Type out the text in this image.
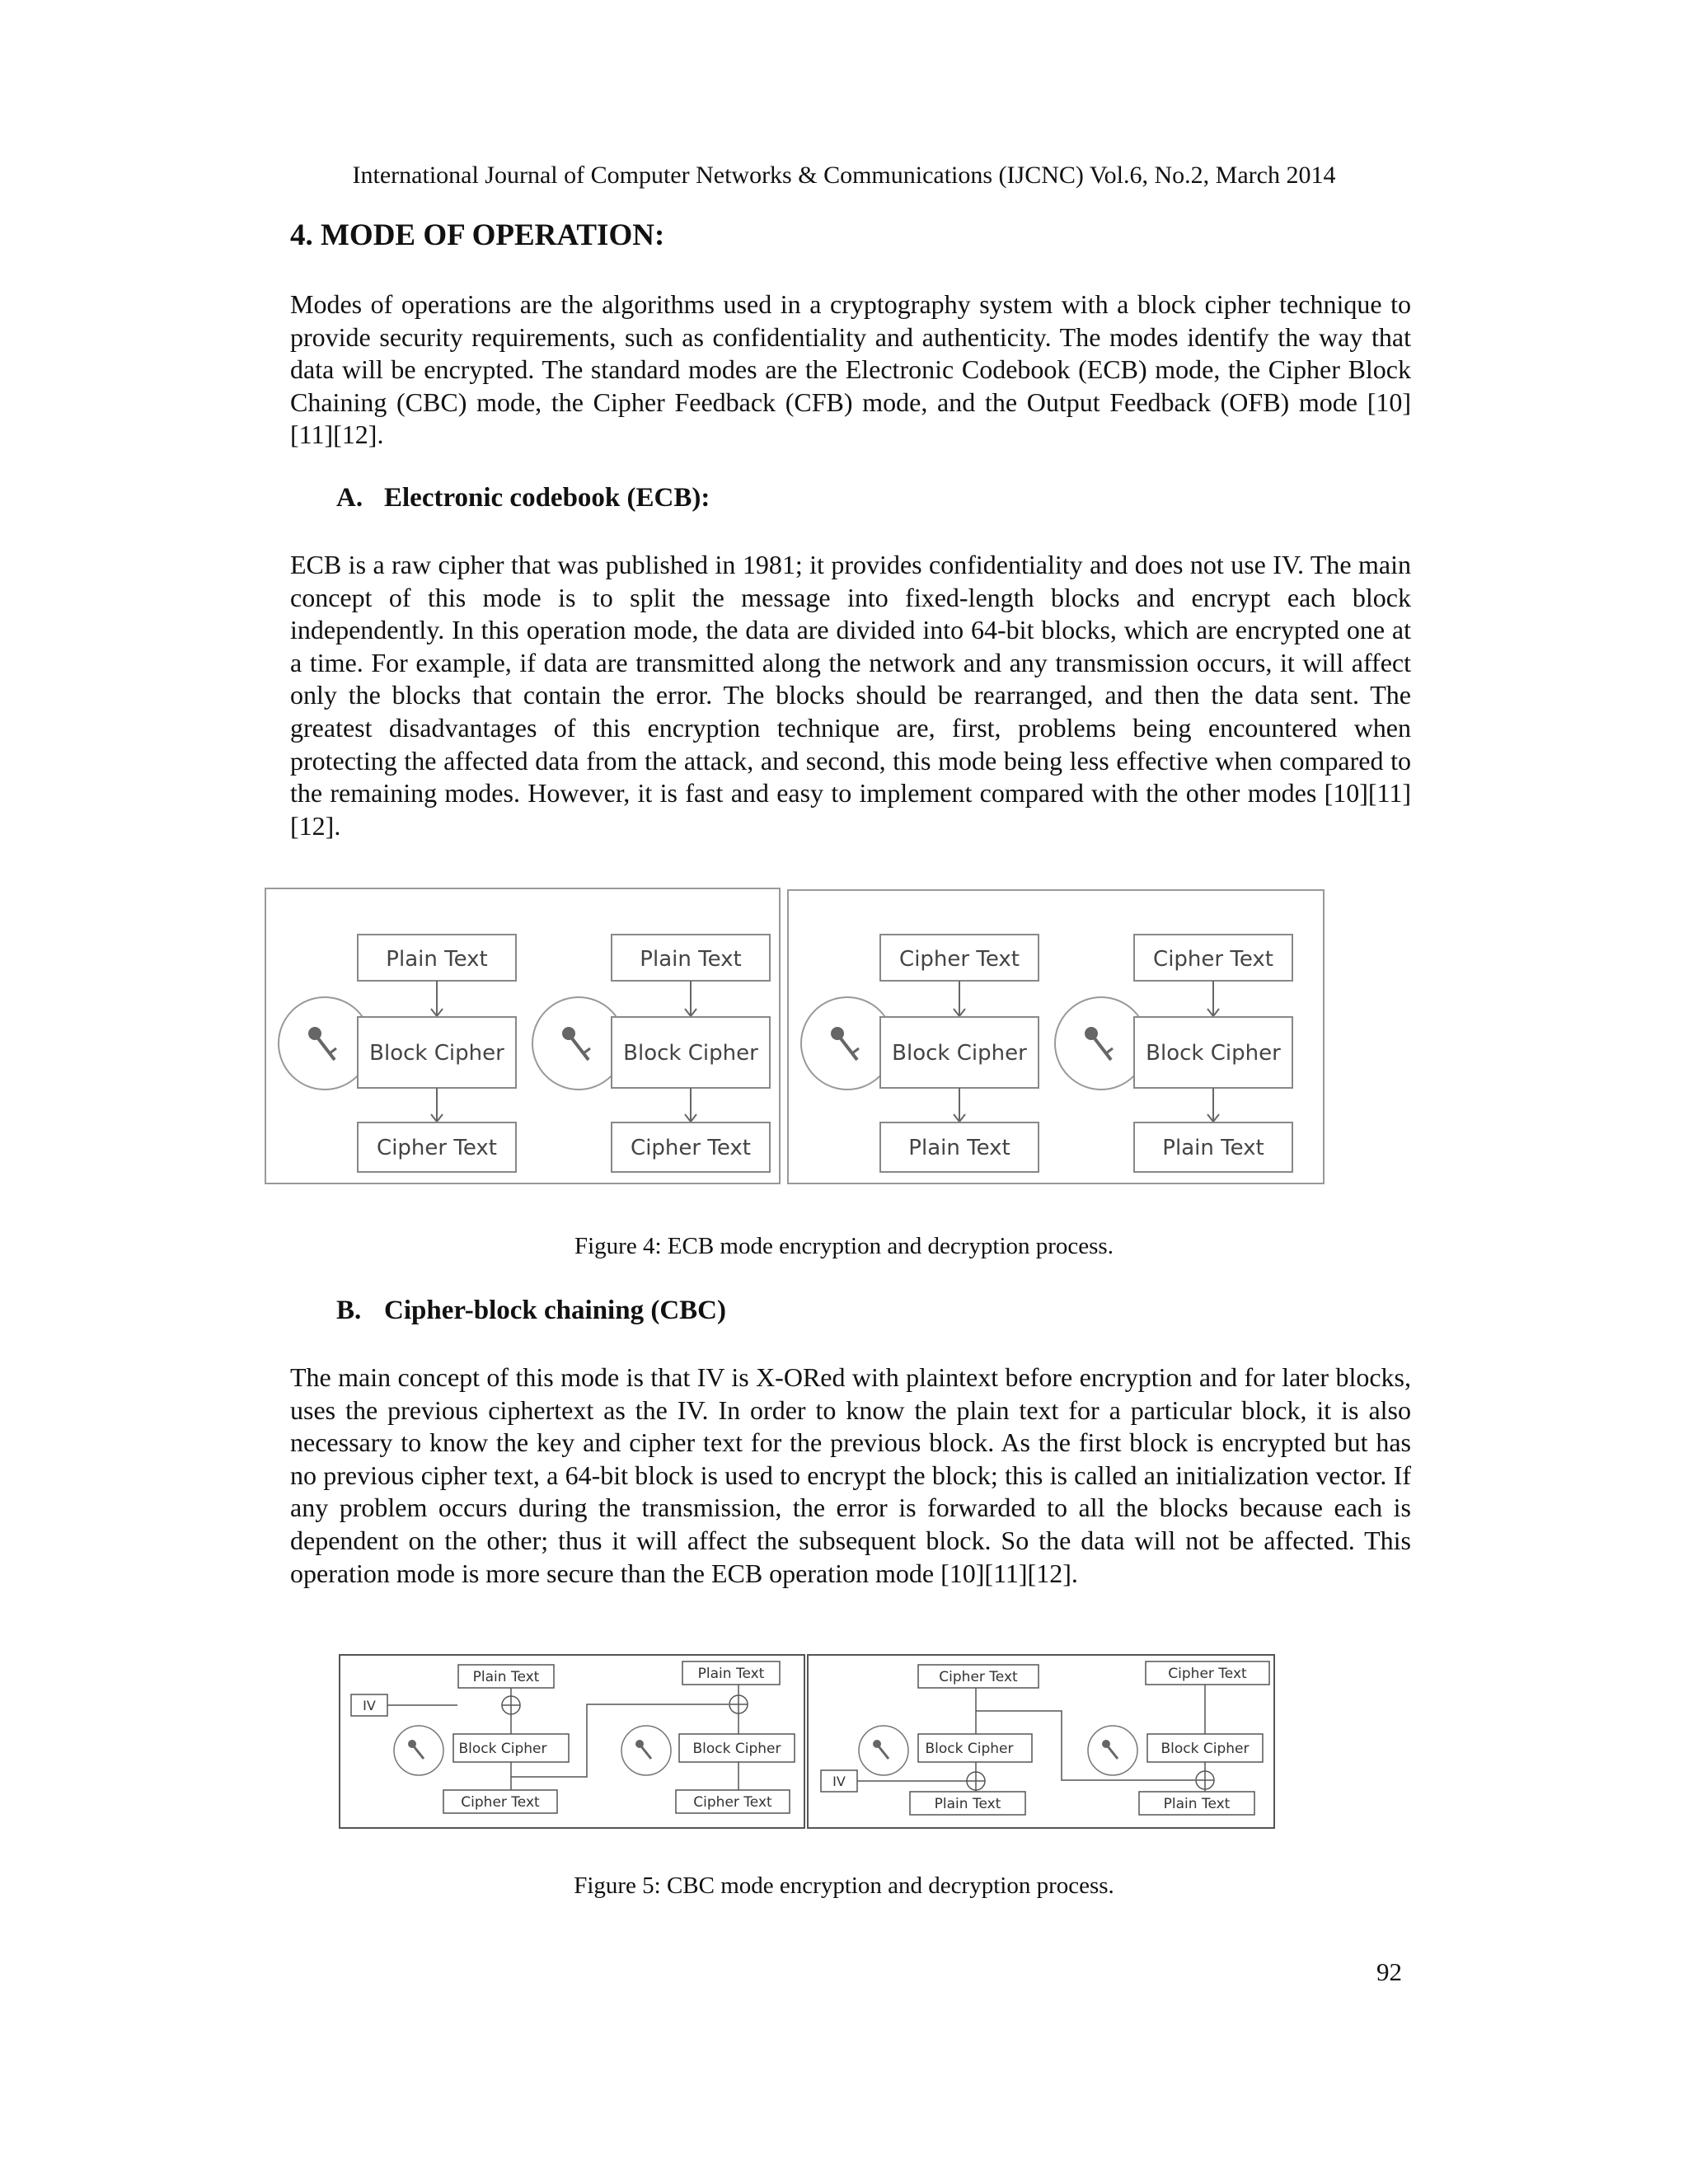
International Journal of Computer Networks & Communications (IJCNC) Vol.6, No.2, March 2014
4. MODE OF OPERATION:

Modes of operations are the algorithms used in a cryptography system with a block cipher technique to provide security requirements, such as confidentiality and authenticity. The modes identify the way that data will be encrypted. The standard modes are the Electronic Codebook (ECB) mode, the Cipher Block Chaining (CBC) mode, the Cipher Feedback (CFB) mode, and the Output Feedback (OFB) mode [10][11][12].

A. Electronic codebook (ECB):

ECB is a raw cipher that was published in 1981; it provides confidentiality and does not use IV. The main concept of this mode is to split the message into fixed-length blocks and encrypt each block independently. In this operation mode, the data are divided into 64-bit blocks, which are encrypted one at a time. For example, if data are transmitted along the network and any transmission occurs, it will affect only the blocks that contain the error. The blocks should be rearranged, and then the data sent. The greatest disadvantages of this encryption technique are, first, problems being encountered when protecting the affected data from the attack, and second, this mode being less effective when compared to the remaining modes. However, it is fast and easy to implement compared with the other modes [10][11][12].

Plain Text
Block Cipher
Cipher Text
Plain Text
Block Cipher
Cipher Text
Cipher Text
Block Cipher
Plain Text
Cipher Text
Block Cipher
Plain Text

Figure 4: ECB mode encryption and decryption process.

B. Cipher-block chaining (CBC)

The main concept of this mode is that IV is X-ORed with plaintext before encryption and for later blocks, uses the previous ciphertext as the IV. In order to know the plain text for a particular block, it is also necessary to know the key and cipher text for the previous block. As the first block is encrypted but has no previous cipher text, a 64-bit block is used to encrypt the block; this is called an initialization vector. If any problem occurs during the transmission, the error is forwarded to all the blocks because each is dependent on the other; thus it will affect the subsequent block. So the data will not be affected. This operation mode is more secure than the ECB operation mode [10][11][12].

IV
Plain Text
Block Cipher
Cipher Text
Plain Text
Block Cipher
Cipher Text
Cipher Text
Block Cipher
IV
Plain Text
Cipher Text
Block Cipher
Plain Text

Figure 5: CBC mode encryption and decryption process.

92
